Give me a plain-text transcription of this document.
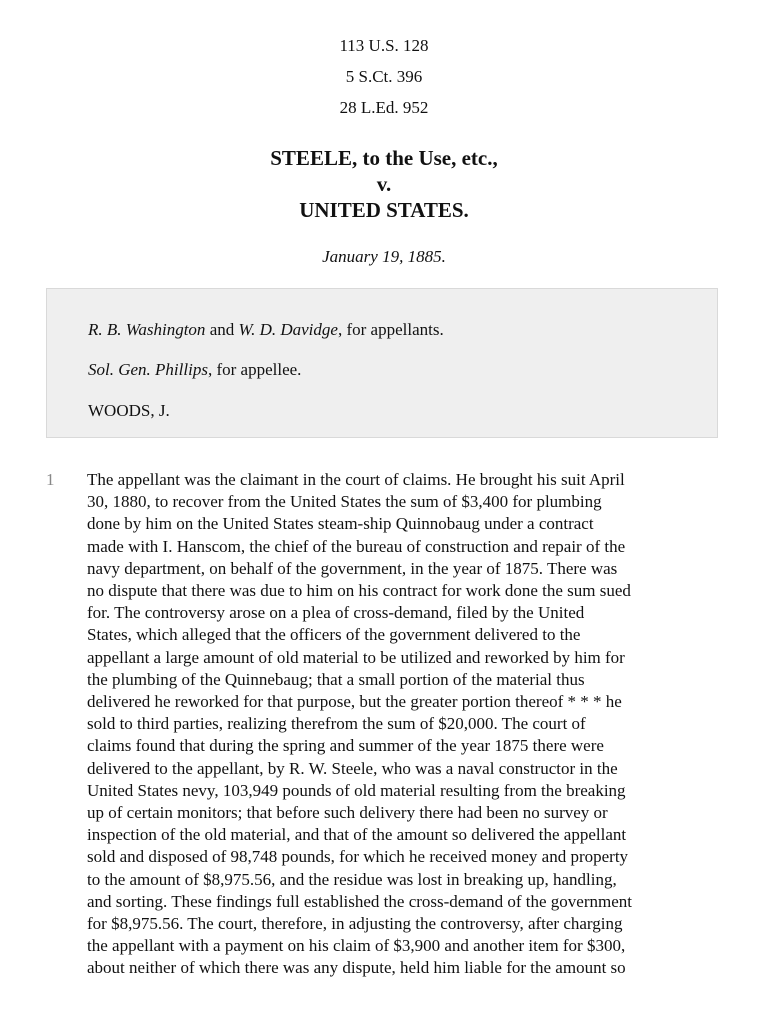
113 U.S. 128
5 S.Ct. 396
28 L.Ed. 952
STEELE, to the Use, etc.,
v.
UNITED STATES.
January 19, 1885.
R. B. Washington and W. D. Davidge, for appellants.
Sol. Gen. Phillips, for appellee.
WOODS, J.
1 The appellant was the claimant in the court of claims. He brought his suit April
30, 1880, to recover from the United States the sum of $3,400 for plumbing
done by him on the United States steam-ship Quinnobaug under a contract
made with I. Hanscom, the chief of the bureau of construction and repair of the
navy department, on behalf of the government, in the year of 1875. There was
no dispute that there was due to him on his contract for work done the sum sued
for. The controversy arose on a plea of cross-demand, filed by the United
States, which alleged that the officers of the government delivered to the
appellant a large amount of old material to be utilized and reworked by him for
the plumbing of the Quinnebaug; that a small portion of the material thus
delivered he reworked for that purpose, but the greater portion thereof * * * he
sold to third parties, realizing therefrom the sum of $20,000. The court of
claims found that during the spring and summer of the year 1875 there were
delivered to the appellant, by R. W. Steele, who was a naval constructor in the
United States nevy, 103,949 pounds of old material resulting from the breaking
up of certain monitors; that before such delivery there had been no survey or
inspection of the old material, and that of the amount so delivered the appellant
sold and disposed of 98,748 pounds, for which he received money and property
to the amount of $8,975.56, and the residue was lost in breaking up, handling,
and sorting. These findings full established the cross-demand of the government
for $8,975.56. The court, therefore, in adjusting the controversy, after charging
the appellant with a payment on his claim of $3,900 and another item for $300,
about neither of which there was any dispute, held him liable for the amount so
